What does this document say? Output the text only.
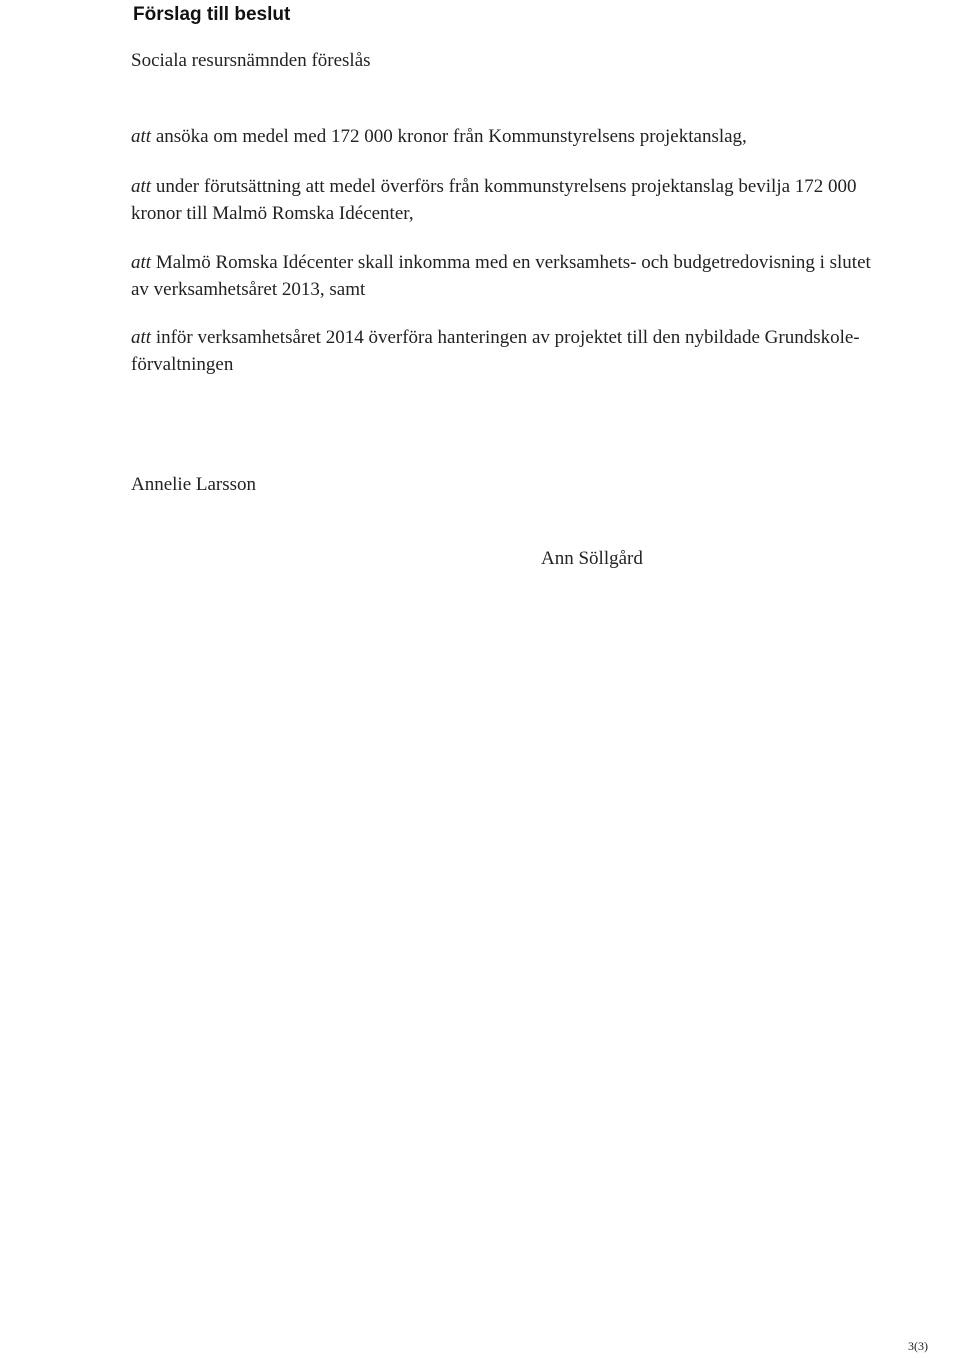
Förslag till beslut
Sociala resursnämnden föreslås
att ansöka om medel med 172 000 kronor från Kommunstyrelsens projektanslag,
att under förutsättning att medel överförs från kommunstyrelsens projektanslag bevilja 172 000
kronor till Malmö Romska Idécenter,
att Malmö Romska Idécenter skall inkomma med en verksamhets- och budgetredovisning i slutet
av verksamhetsåret 2013, samt
att inför verksamhetsåret 2014 överföra hanteringen av projektet till den nybildade Grundskole-
förvaltningen
Annelie Larsson
Ann Söllgård
3(3)
